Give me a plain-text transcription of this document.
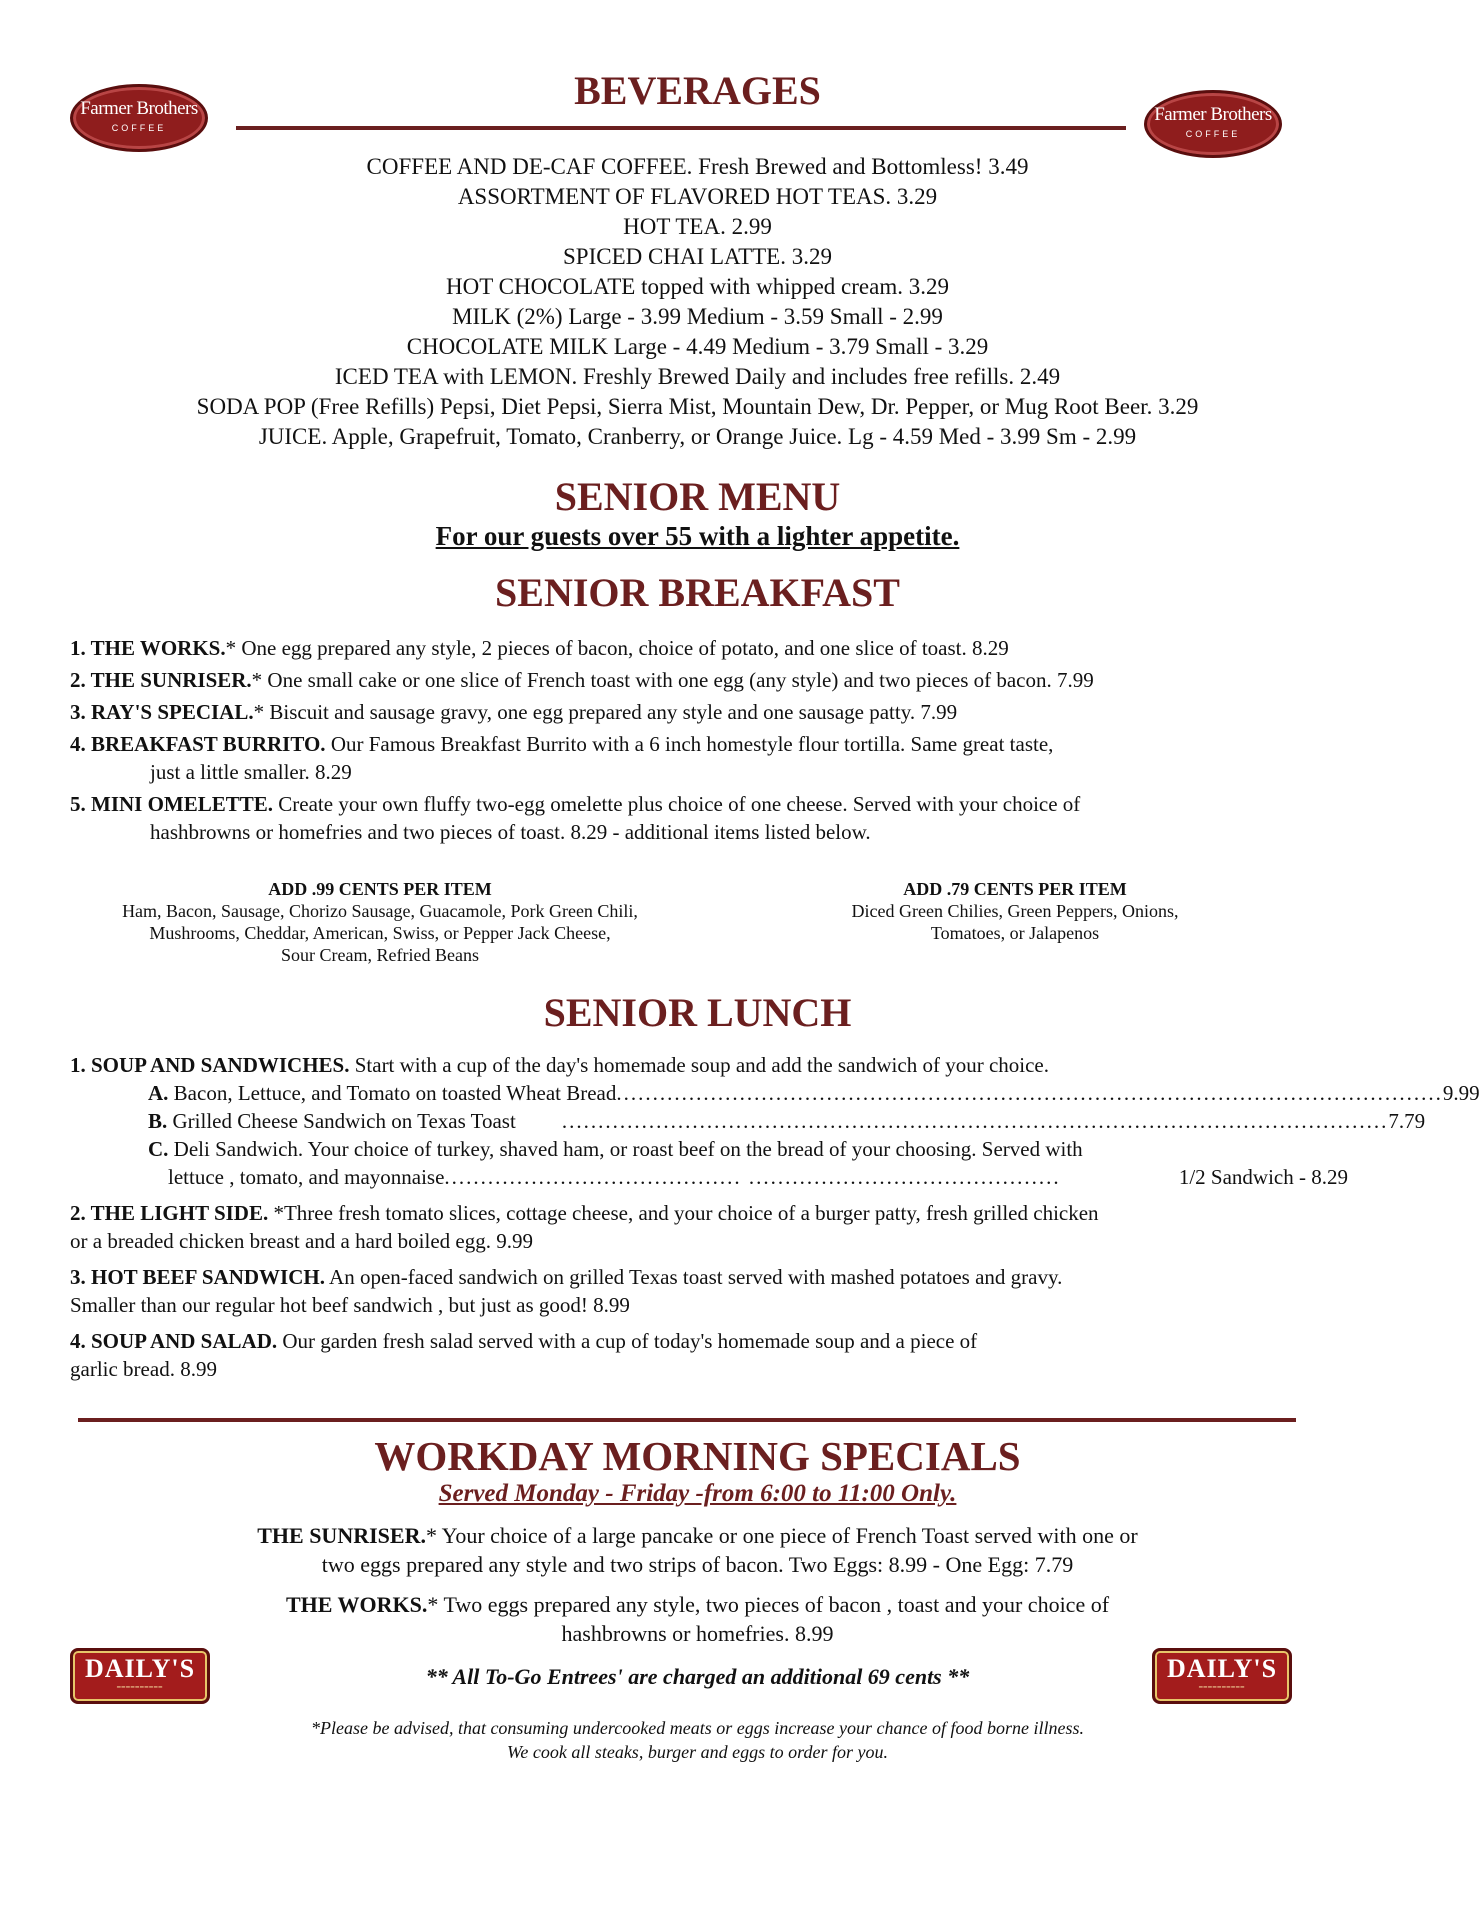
Farmer Brothers
COFFEE
Farmer Brothers
COFFEE
BEVERAGES
COFFEE AND DE-CAF COFFEE. Fresh Brewed and Bottomless! 3.49
ASSORTMENT OF FLAVORED HOT TEAS. 3.29
HOT TEA. 2.99
SPICED CHAI LATTE. 3.29
HOT CHOCOLATE topped with whipped cream. 3.29
MILK (2%) Large - 3.99 Medium - 3.59 Small - 2.99
CHOCOLATE MILK Large - 4.49 Medium - 3.79 Small - 3.29
ICED TEA with LEMON. Freshly Brewed Daily and includes free refills. 2.49
SODA POP (Free Refills) Pepsi, Diet Pepsi, Sierra Mist, Mountain Dew, Dr. Pepper, or Mug Root Beer. 3.29
JUICE. Apple, Grapefruit, Tomato, Cranberry, or Orange Juice. Lg - 4.59 Med - 3.99 Sm - 2.99
SENIOR MENU
For our guests over 55 with a lighter appetite.
SENIOR BREAKFAST
1. THE WORKS.* One egg prepared any style, 2 pieces of bacon, choice of potato, and one slice of toast. 8.29
2. THE SUNRISER.* One small cake or one slice of French toast with one egg (any style) and two pieces of bacon. 7.99
3. RAY'S SPECIAL.* Biscuit and sausage gravy, one egg prepared any style and one sausage patty. 7.99
4. BREAKFAST BURRITO. Our Famous Breakfast Burrito with a 6 inch homestyle flour tortilla. Same great taste,
just a little smaller. 8.29
5. MINI OMELETTE. Create your own fluffy two-egg omelette plus choice of one cheese. Served with your choice of
hashbrowns or homefries and two pieces of toast. 8.29 - additional items listed below.
ADD .99 CENTS PER ITEM
Ham, Bacon, Sausage, Chorizo Sausage, Guacamole, Pork Green Chili,
Mushrooms, Cheddar, American, Swiss, or Pepper Jack Cheese,
Sour Cream, Refried Beans
ADD .79 CENTS PER ITEM
Diced Green Chilies, Green Peppers, Onions,
Tomatoes, or Jalapenos
SENIOR LUNCH
1. SOUP AND SANDWICHES. Start with a cup of the day's homemade soup and add the sandwich of your choice.
A. Bacon, Lettuce, and Tomato on toasted Wheat Bread .................................................................................................................. 9.99
B. Grilled Cheese Sandwich on Texas Toast	.................................................................................................................. 7.79
C. Deli Sandwich. Your choice of turkey, shaved ham, or roast beef on the bread of your choosing. Served with
lettuce , tomato, and mayonnaise ......................................... ...........................................	1/2 Sandwich - 8.29
2. THE LIGHT SIDE. *Three fresh tomato slices, cottage cheese, and your choice of a burger patty, fresh grilled chicken
or a breaded chicken breast and a hard boiled egg. 9.99
3. HOT BEEF SANDWICH. An open-faced sandwich on grilled Texas toast served with mashed potatoes and gravy.
Smaller than our regular hot beef sandwich , but just as good! 8.99
4. SOUP AND SALAD. Our garden fresh salad served with a cup of today's homemade soup and a piece of
garlic bread. 8.99
WORKDAY MORNING SPECIALS
Served Monday - Friday -from 6:00 to 11:00 Only.
THE SUNRISER.* Your choice of a large pancake or one piece of French Toast served with one or
two eggs prepared any style and two strips of bacon. Two Eggs: 8.99 - One Egg: 7.79
THE WORKS.* Two eggs prepared any style, two pieces of bacon , toast and your choice of
hashbrowns or homefries. 8.99
DAILY'S
━━━━━━━━━━
DAILY'S
━━━━━━━━━━
** All To-Go Entrees' are charged an additional 69 cents **
*Please be advised, that consuming undercooked meats or eggs increase your chance of food borne illness.
We cook all steaks, burger and eggs to order for you.
